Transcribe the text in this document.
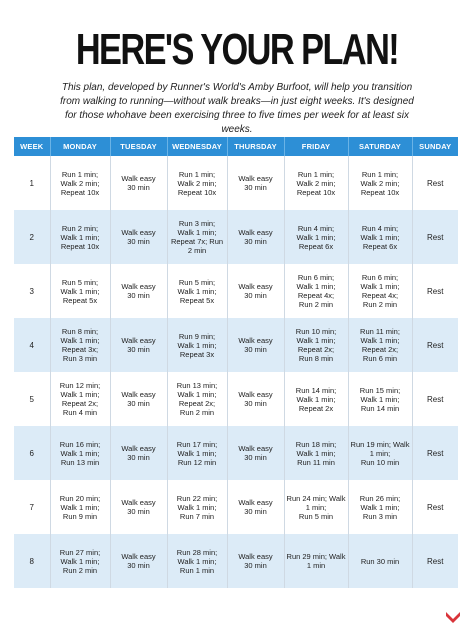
HERE'S YOUR PLAN!
This plan, developed by Runner's World's Amby Burfoot, will help you transition from walking to running—without walk breaks—in just eight weeks. It's designed for those whohave been exercising three to five times per week for at least six weeks.
WEEK	MONDAY	TUESDAY	WEDNESDAY	THURSDAY	FRIDAY	SATURDAY	SUNDAY
1	Run 1 min;
Walk 2 min;
Repeat 10x	Walk easy
30 min	Run 1 min;
Walk 2 min;
Repeat 10x	Walk easy
30 min	Run 1 min;
Walk 2 min;
Repeat 10x	Run 1 min;
Walk 2 min;
Repeat 10x	Rest
2	Run 2 min;
Walk 1 min;
Repeat 10x	Walk easy
30 min	Run 3 min;
Walk 1 min;
Repeat 7x; Run
2 min	Walk easy
30 min	Run 4 min;
Walk 1 min;
Repeat 6x	Run 4 min;
Walk 1 min;
Repeat 6x	Rest
3	Run 5 min;
Walk 1 min;
Repeat 5x	Walk easy
30 min	Run 5 min;
Walk 1 min;
Repeat 5x	Walk easy
30 min	Run 6 min;
Walk 1 min;
Repeat 4x;
Run 2 min	Run 6 min;
Walk 1 min;
Repeat 4x;
Run 2 min	Rest
4	Run 8 min;
Walk 1 min;
Repeat 3x;
Run 3 min	Walk easy
30 min	Run 9 min;
Walk 1 min;
Repeat 3x	Walk easy
30 min	Run 10 min;
Walk 1 min;
Repeat 2x;
Run 8 min	Run 11 min;
Walk 1 min;
Repeat 2x;
Run 6 min	Rest
5	Run 12 min;
Walk 1 min;
Repeat 2x;
Run 4 min	Walk easy
30 min	Run 13 min;
Walk 1 min;
Repeat 2x;
Run 2 min	Walk easy
30 min	Run 14 min;
Walk 1 min;
Repeat 2x	Run 15 min;
Walk 1 min;
Run 14 min	Rest
6	Run 16 min;
Walk 1 min;
Run 13 min	Walk easy
30 min	Run 17 min;
Walk 1 min;
Run 12 min	Walk easy
30 min	Run 18 min;
Walk 1 min;
Run 11 min	Run 19 min; Walk
1 min;
Run 10 min	Rest
7	Run 20 min;
Walk 1 min;
Run 9 min	Walk easy
30 min	Run 22 min;
Walk 1 min;
Run 7 min	Walk easy
30 min	Run 24 min; Walk
1 min;
Run 5 min	Run 26 min;
Walk 1 min;
Run 3 min	Rest
8	Run 27 min;
Walk 1 min;
Run 2 min	Walk easy
30 min	Run 28 min;
Walk 1 min;
Run 1 min	Walk easy
30 min	Run 29 min; Walk
1 min	Run 30 min	Rest
